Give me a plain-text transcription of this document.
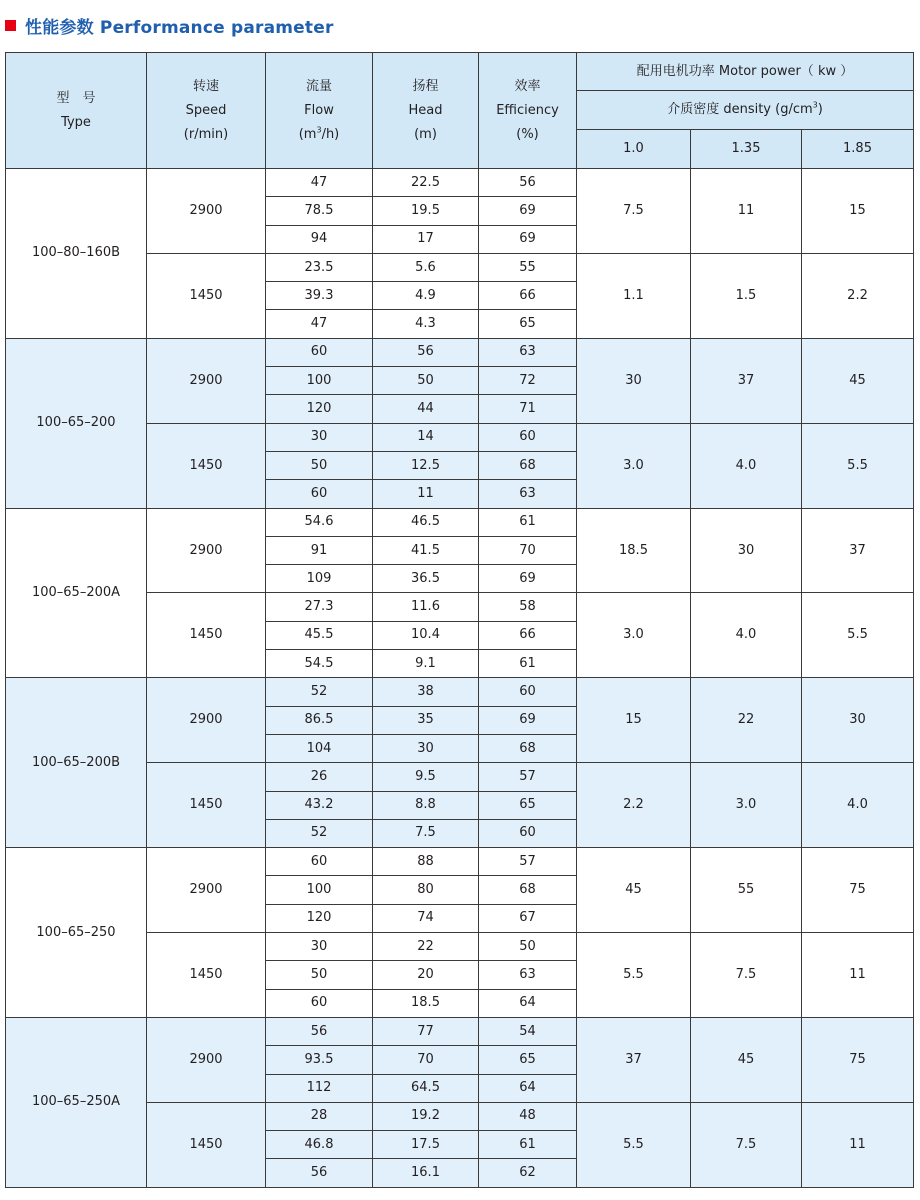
性能参数 Performance parameter
型　号
Type	转速
Speed
(r/min)	流量
Flow
$(m^3/h)$	扬程
Head
(m)	效率
Efficiency
(%)	配用电机功率 Motor power（ kw ）		
					介质密度 density $(g/cm^3)$		
					1.0	1.35	1.85
100–80–160B	2900	47	22.5	56	7.5	11	15
		78.5	19.5	69			
		94	17	69			
	1450	23.5	5.6	55	1.1	1.5	2.2
		39.3	4.9	66			
		47	4.3	65			
100–65–200	2900	60	56	63	30	37	45
		100	50	72			
		120	44	71			
	1450	30	14	60	3.0	4.0	5.5
		50	12.5	68			
		60	11	63			
100–65–200A	2900	54.6	46.5	61	18.5	30	37
		91	41.5	70			
		109	36.5	69			
	1450	27.3	11.6	58	3.0	4.0	5.5
		45.5	10.4	66			
		54.5	9.1	61			
100–65–200B	2900	52	38	60	15	22	30
		86.5	35	69			
		104	30	68			
	1450	26	9.5	57	2.2	3.0	4.0
		43.2	8.8	65			
		52	7.5	60			
100–65–250	2900	60	88	57	45	55	75
		100	80	68			
		120	74	67			
	1450	30	22	50	5.5	7.5	11
		50	20	63			
		60	18.5	64			
100–65–250A	2900	56	77	54	37	45	75
		93.5	70	65			
		112	64.5	64			
	1450	28	19.2	48	5.5	7.5	11
		46.8	17.5	61			
		56	16.1	62			
